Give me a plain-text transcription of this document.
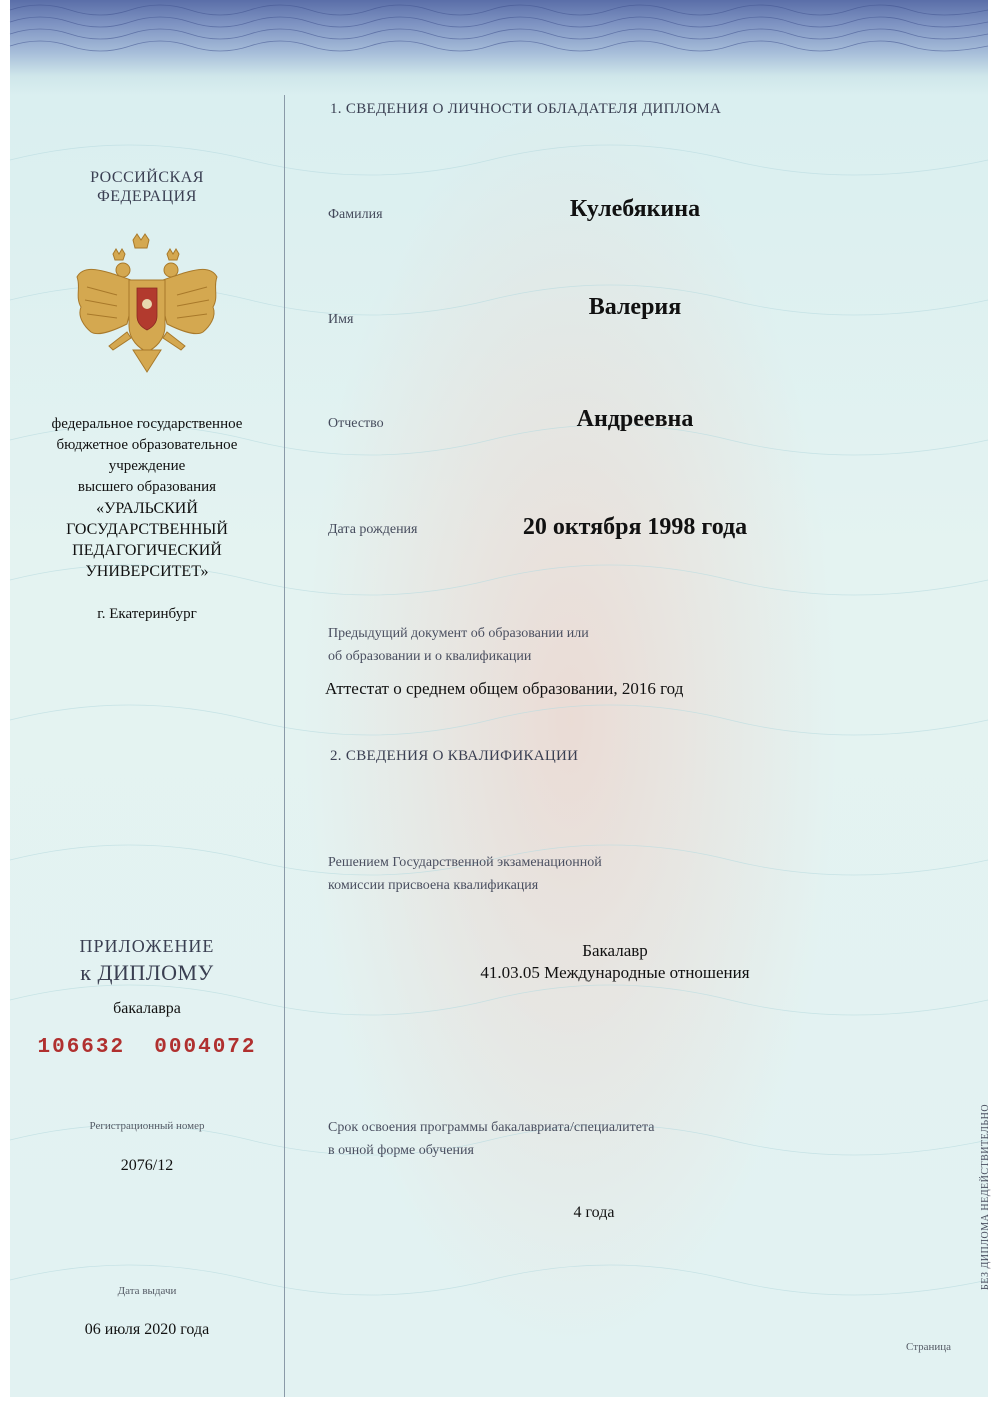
РОССИЙСКАЯ
ФЕДЕРАЦИЯ
федеральное государственное
бюджетное образовательное
учреждение
высшего образования
«УРАЛЬСКИЙ
ГОСУДАРСТВЕННЫЙ
ПЕДАГОГИЧЕСКИЙ
УНИВЕРСИТЕТ»
г. Екатеринбург
ПРИЛОЖЕНИЕ
к ДИПЛОМУ
бакалавра
106632  0004072
Регистрационный номер
2076/12
Дата выдачи
06 июля 2020 года
1. СВЕДЕНИЯ О ЛИЧНОСТИ ОБЛАДАТЕЛЯ ДИПЛОМА
Фамилия	Кулебякина
Имя	Валерия
Отчество	Андреевна
Дата рождения	20 октября 1998 года
Предыдущий документ об образовании или
об образовании и о квалификации
Аттестат о среднем общем образовании, 2016 год
2. СВЕДЕНИЯ О КВАЛИФИКАЦИИ
Решением Государственной экзаменационной
комиссии присвоена квалификация
Бакалавр
41.03.05 Международные отношения
Срок освоения программы бакалавриата/специалитета
в очной форме обучения
4 года
Страница
БЕЗ ДИПЛОМА НЕДЕЙСТВИТЕЛЬНО
